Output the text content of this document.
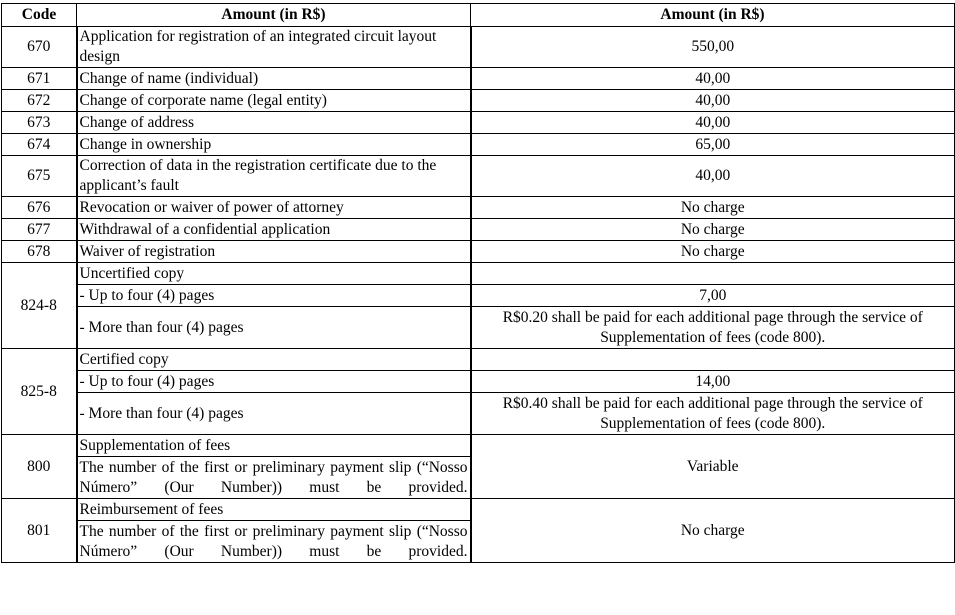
Code	Amount (in R$)	Amount (in R$)
670	Application for registration of an integrated circuit layout design	550,00
671	Change of name (individual)	40,00
672	Change of corporate name (legal entity)	40,00
673	Change of address	40,00
674	Change in ownership	65,00
675	Correction of data in the registration certificate due to the applicant’s fault	40,00
676	Revocation or waiver of power of attorney	No charge
677	Withdrawal of a confidential application	No charge
678	Waiver of registration	No charge
824-8	Uncertified copy	
	- Up to four (4) pages	7,00
	- More than four (4) pages	R$0.20 shall be paid for each additional page through the service of Supplementation of fees (code 800).
825-8	Certified copy	
	- Up to four (4) pages	14,00
	- More than four (4) pages	R$0.40 shall be paid for each additional page through the service of Supplementation of fees (code 800).
800	Supplementation of fees	Variable
	The number of the first or preliminary payment slip (“Nosso Número” (Our Number)) must be provided.	
801	Reimbursement of fees	No charge
	The number of the first or preliminary payment slip (“Nosso Número” (Our Number)) must be provided.	
